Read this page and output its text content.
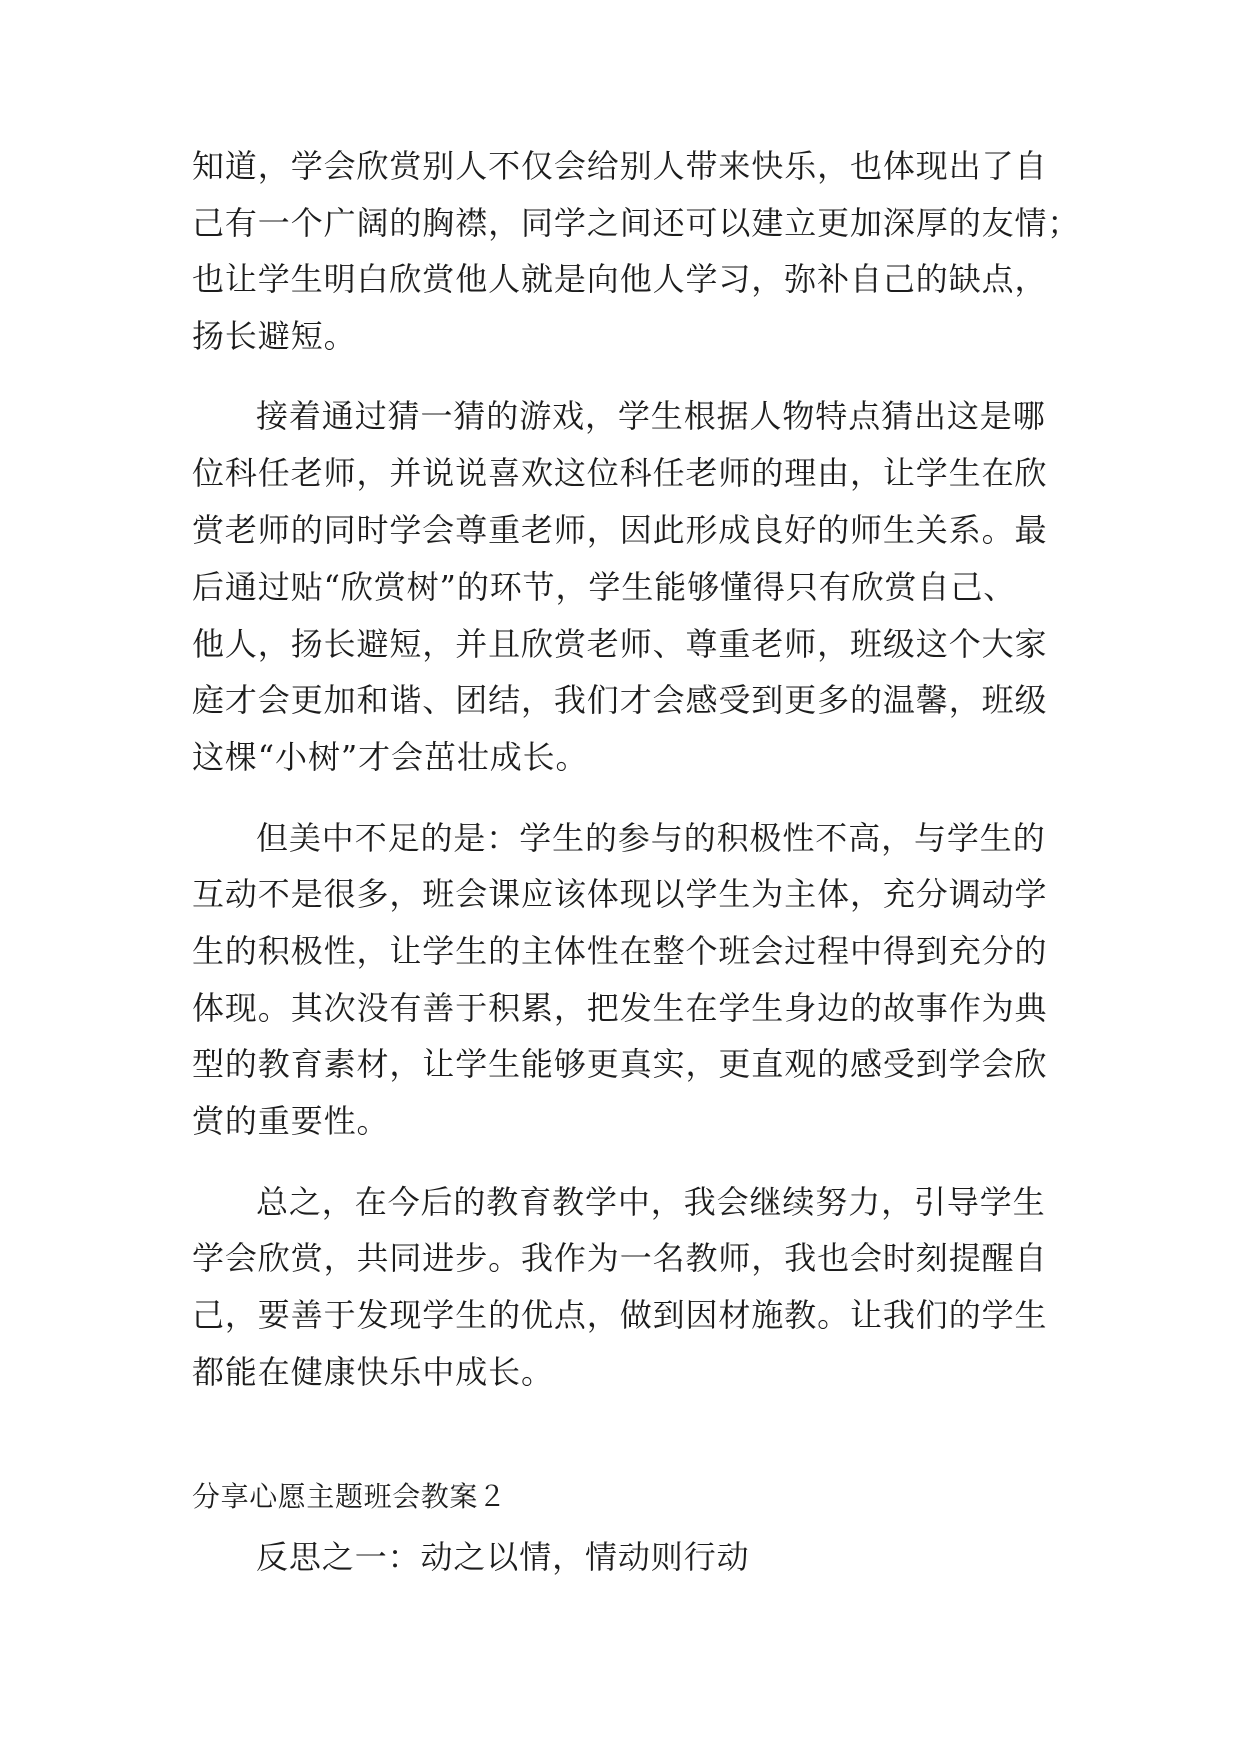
知道，学会欣赏别人不仅会给别人带来快乐，也体现出了自
己有一个广阔的胸襟，同学之间还可以建立更加深厚的友情；
也让学生明白欣赏他人就是向他人学习，弥补自己的缺点，
扬长避短。
接着通过猜一猜的游戏，学生根据人物特点猜出这是哪
位科任老师，并说说喜欢这位科任老师的理由，让学生在欣
赏老师的同时学会尊重老师，因此形成良好的师生关系。最
后通过贴“欣赏树”的环节，学生能够懂得只有欣赏自己、
他人，扬长避短，并且欣赏老师、尊重老师，班级这个大家
庭才会更加和谐、团结，我们才会感受到更多的温馨，班级
这棵“小树”才会茁壮成长。
但美中不足的是：学生的参与的积极性不高，与学生的
互动不是很多，班会课应该体现以学生为主体，充分调动学
生的积极性，让学生的主体性在整个班会过程中得到充分的
体现。其次没有善于积累，把发生在学生身边的故事作为典
型的教育素材，让学生能够更真实，更直观的感受到学会欣
赏的重要性。
总之，在今后的教育教学中，我会继续努力，引导学生
学会欣赏，共同进步。我作为一名教师，我也会时刻提醒自
己，要善于发现学生的优点，做到因材施教。让我们的学生
都能在健康快乐中成长。
分享心愿主题班会教案２
反思之一：动之以情，情动则行动
